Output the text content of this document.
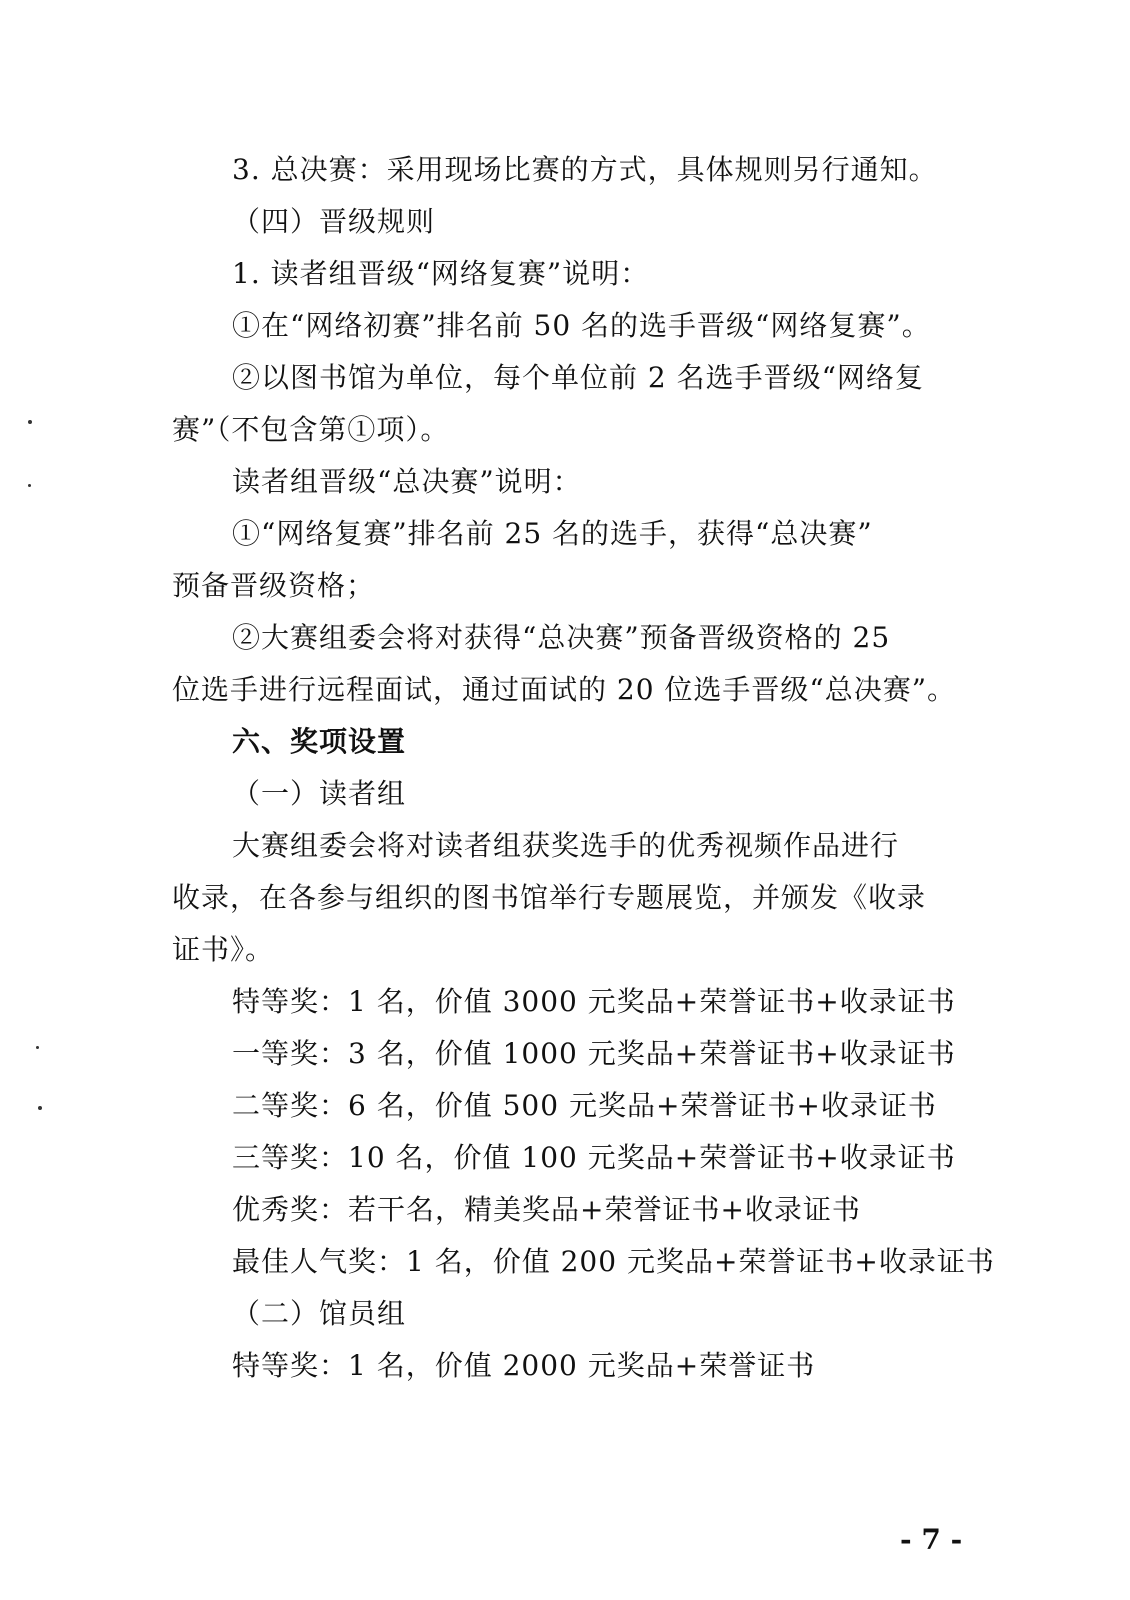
3. 总决赛：采用现场比赛的方式，具体规则另行通知。
（四）晋级规则
1. 读者组晋级“网络复赛”说明：
①在“网络初赛”排名前 50 名的选手晋级“网络复赛”。
②以图书馆为单位，每个单位前 2 名选手晋级“网络复
赛”（不包含第①项）。
读者组晋级“总决赛”说明：
①“网络复赛”排名前 25 名的选手，获得“总决赛”
预备晋级资格；
②大赛组委会将对获得“总决赛”预备晋级资格的 25
位选手进行远程面试，通过面试的 20 位选手晋级“总决赛”。
六、奖项设置
（一）读者组
大赛组委会将对读者组获奖选手的优秀视频作品进行
收录，在各参与组织的图书馆举行专题展览，并颁发《收录
证书》。
特等奖：1 名，价值 3000 元奖品+荣誉证书+收录证书
一等奖：3 名，价值 1000 元奖品+荣誉证书+收录证书
二等奖：6 名，价值 500 元奖品+荣誉证书+收录证书
三等奖：10 名，价值 100 元奖品+荣誉证书+收录证书
优秀奖：若干名，精美奖品+荣誉证书+收录证书
最佳人气奖：1 名，价值 200 元奖品+荣誉证书+收录证书
（二）馆员组
特等奖：1 名，价值 2000 元奖品+荣誉证书
- 7 -
